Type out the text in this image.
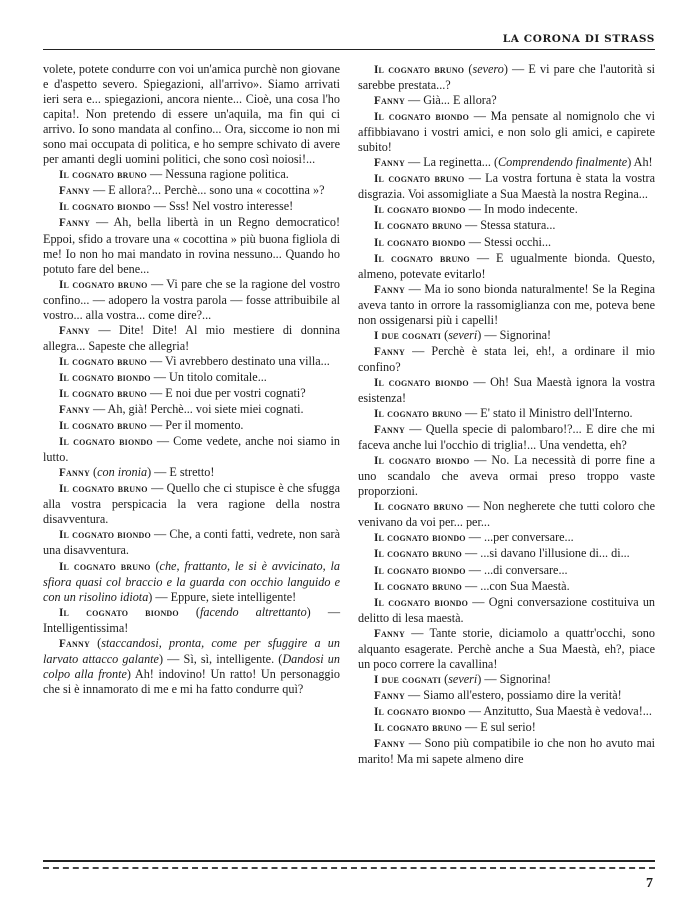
LA CORONA DI STRASS

volete, potete condurre con voi un'amica purchè non giovane e d'aspetto severo. Spiegazioni, all'arrivo». Siamo arrivati ieri sera e... spiegazioni, ancora niente... Cioè, una cosa l'ho capita!. Non pretendo di essere un'aquila, ma fin qui ci arrivo. Io sono mandata al confino... Ora, siccome io non mi sono mai occupata di politica, e ho sempre schivato di avere per amanti degli uomini politici, che sono così noiosi!...

Il cognato bruno — Nessuna ragione politica.

Fanny — E allora?... Perchè... sono una « cocottina »?

Il cognato biondo — Sss! Nel vostro interesse!

Fanny — Ah, bella libertà in un Regno democratico! Eppoi, sfido a trovare una « cocottina » più buona figliola di me! Io non ho mai mandato in rovina nessuno... Quando ho potuto fare del bene...

Il cognato bruno — Vi pare che se la ragione del vostro confino... — adopero la vostra parola — fosse attribuibile al vostro... alla vostra... come dire?...

Fanny — Dite! Dite! Al mio mestiere di donnina allegra... Sapeste che allegria!

Il cognato bruno — Vi avrebbero destinato una villa...

Il cognato biondo — Un titolo comitale...

Il cognato bruno — E noi due per vostri cognati?

Fanny — Ah, già! Perchè... voi siete miei cognati.

Il cognato bruno — Per il momento.

Il cognato biondo — Come vedete, anche noi siamo in lutto.

Fanny (con ironia) — E stretto!

Il cognato bruno — Quello che ci stupisce è che sfugga alla vostra perspicacia la vera ragione della nostra disavventura.

Il cognato biondo — Che, a conti fatti, vedrete, non sarà una disavventura.

Il cognato bruno (che, frattanto, le si è avvicinato, la sfiora quasi col braccio e la guarda con occhio languido e con un risolino idiota) — Eppure, siete intelligente!

Il cognato biondo (facendo altrettanto) — Intelligentissima!

Fanny (staccandosi, pronta, come per sfuggire a un larvato attacco galante) — Sì, sì, intelligente. (Dandosi un colpo alla fronte) Ah! indovino! Un ratto! Un personaggio che si è innamorato di me e mi ha fatto condurre quì?

Il cognato bruno (severo) — E vi pare che l'autorità si sarebbe prestata...?

Fanny — Già... E allora?

Il cognato biondo — Ma pensate al nomignolo che vi affibbiavano i vostri amici, e non solo gli amici, e capirete subito!

Fanny — La reginetta... (Comprendendo finalmente) Ah!

Il cognato bruno — La vostra fortuna è stata la vostra disgrazia. Voi assomigliate a Sua Maestà la nostra Regina...

Il cognato biondo — In modo indecente.

Il cognato bruno — Stessa statura...

Il cognato biondo — Stessi occhi...

Il cognato bruno — E ugualmente bionda. Questo, almeno, potevate evitarlo!

Fanny — Ma io sono bionda naturalmente! Se la Regina aveva tanto in orrore la rassomiglianza con me, poteva bene non ossigenarsi più i capelli!

I due cognati (severi) — Signorina!

Fanny — Perchè è stata lei, eh!, a ordinare il mio confino?

Il cognato biondo — Oh! Sua Maestà ignora la vostra esistenza!

Il cognato bruno — E' stato il Ministro dell'Interno.

Fanny — Quella specie di palombaro!?... E dire che mi faceva anche lui l'occhio di triglia!... Una vendetta, eh?

Il cognato biondo — No. La necessità di porre fine a uno scandalo che aveva ormai preso troppo vaste proporzioni.

Il cognato bruno — Non negherete che tutti coloro che venivano da voi per... per...

Il cognato biondo — ...per conversare...

Il cognato bruno — ...si davano l'illusione di... di...

Il cognato biondo — ...di conversare...

Il cognato bruno — ...con Sua Maestà.

Il cognato biondo — Ogni conversazione costituiva un delitto di lesa maestà.

Fanny — Tante storie, diciamolo a quattr'occhi, sono alquanto esagerate. Perchè anche a Sua Maestà, eh?, piace un poco correre la cavallina!

I due cognati (severi) — Signorina!

Fanny — Siamo all'estero, possiamo dire la verità!

Il cognato biondo — Anzitutto, Sua Maestà è vedova!...

Il cognato bruno — E sul serio!

Fanny — Sono più compatibile io che non ho avuto mai marito! Ma mi sapete almeno dire

7
